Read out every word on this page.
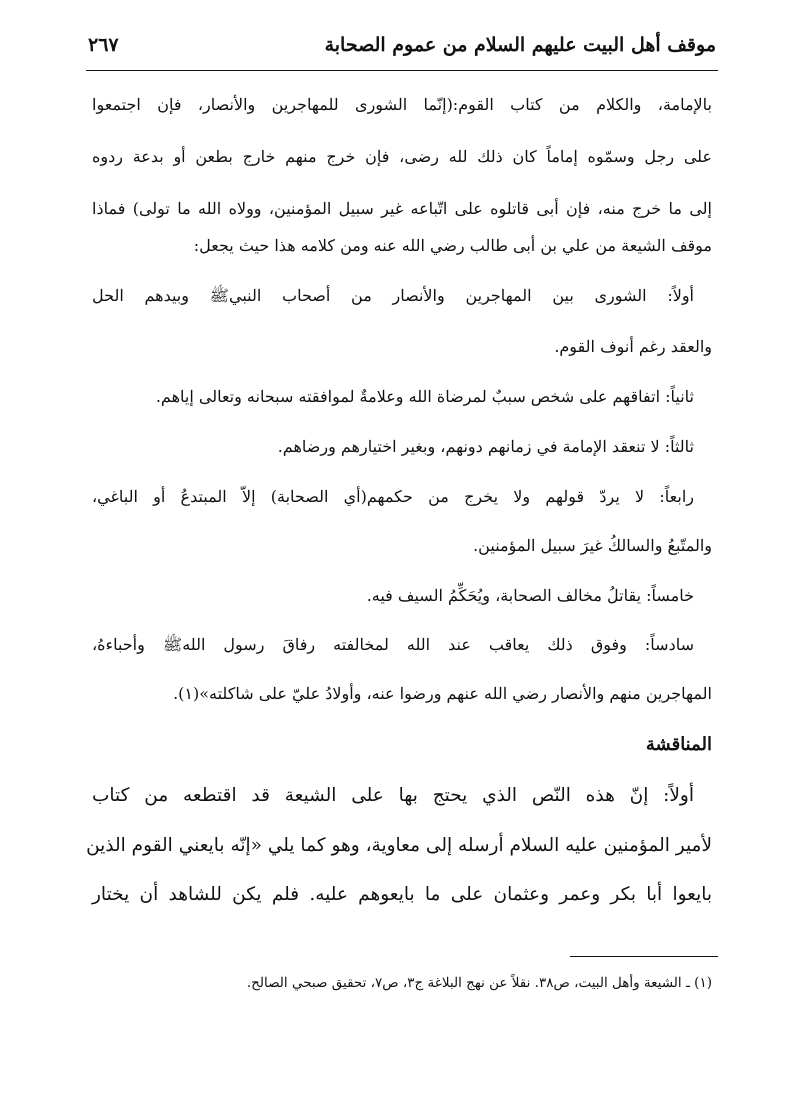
موقف أهل البيت عليهم السلام من عموم الصحابة
٢٦٧
بالإمامة، والكلام من كتاب القوم:(إنّما الشورى للمهاجرين والأنصار، فإن اجتمعوا
على رجل وسمّوه إماماً كان ذلك لله رضى، فإن خرج منهم خارج بطعن أو بدعة ردوه
إلى ما خرج منه، فإن أبى قاتلوه على اتّباعه غير سبيل المؤمنين، وولاه الله ما تولى) فماذا
موقف الشيعة من علي بن أبى طالب رضي الله عنه ومن كلامه هذا حيث يجعل:
أولاً: الشورى بين المهاجرين والأنصار من أصحاب النبيﷺ وبيدهم الحل
والعقد رغم أنوف القوم.
ثانياً: اتفاقهم على شخص سببٌ لمرضاة الله وعلامةٌ لموافقته سبحانه وتعالى إياهم.
ثالثاً: لا تنعقد الإمامة في زمانهم دونهم، وبغير اختيارهم ورضاهم.
رابعاً: لا يردّ قولهم ولا يخرج من حكمهم(أي الصحابة) إلاّ المبتدعُ أو الباغي،
والمتّبعُ والسالكُ غيرَ سبيل المؤمنين.
خامساً: يقاتلُ مخالف الصحابة، ويُحَكِّمُ السيف فيه.
سادساً: وفوق ذلك يعاقب عند الله لمخالفته رفاقَ رسول اللهﷺ وأحباءهُ،
المهاجرين منهم والأنصار رضي الله عنهم ورضوا عنه، وأولادُ عليّ على شاكلته»(١).
المناقشة
أولاً: إنّ هذه النّص الذي يحتج بها على الشيعة قد اقتطعه من كتاب
لأمير المؤمنين عليه السلام أرسله إلى معاوية، وهو كما يلي «إنّه بايعني القوم الذين
بايعوا أبا بكر وعمر وعثمان على ما بايعوهم عليه. فلم يكن للشاهد أن يختار
(١) ـ الشيعة وأهل البيت، ص٣٨. نقلاً عن نهج البلاغة ج٣، ص٧، تحقيق صبحي الصالح.
